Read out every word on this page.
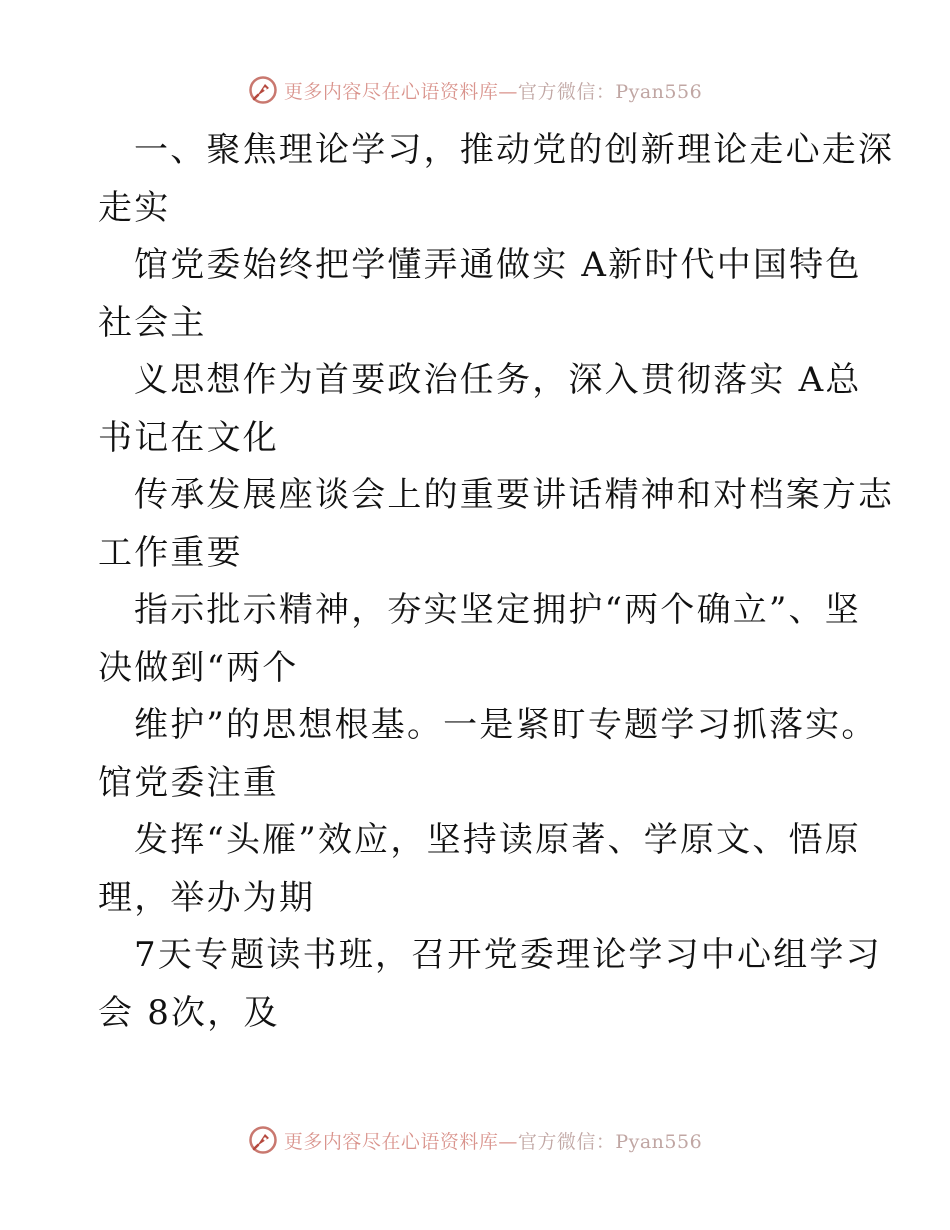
更多内容尽在心语资料库—官方微信：Pyan556
一、聚焦理论学习，推动党的创新理论走心走深
走实
馆党委始终把学懂弄通做实 A新时代中国特色
社会主
义思想作为首要政治任务，深入贯彻落实 A总
书记在文化
传承发展座谈会上的重要讲话精神和对档案方志
工作重要
指示批示精神，夯实坚定拥护“两个确立”、坚
决做到“两个
维护”的思想根基。一是紧盯专题学习抓落实。
馆党委注重
发挥“头雁”效应，坚持读原著、学原文、悟原
理，举办为期
7天专题读书班，召开党委理论学习中心组学习
会 8次，及
更多内容尽在心语资料库—官方微信：Pyan556
